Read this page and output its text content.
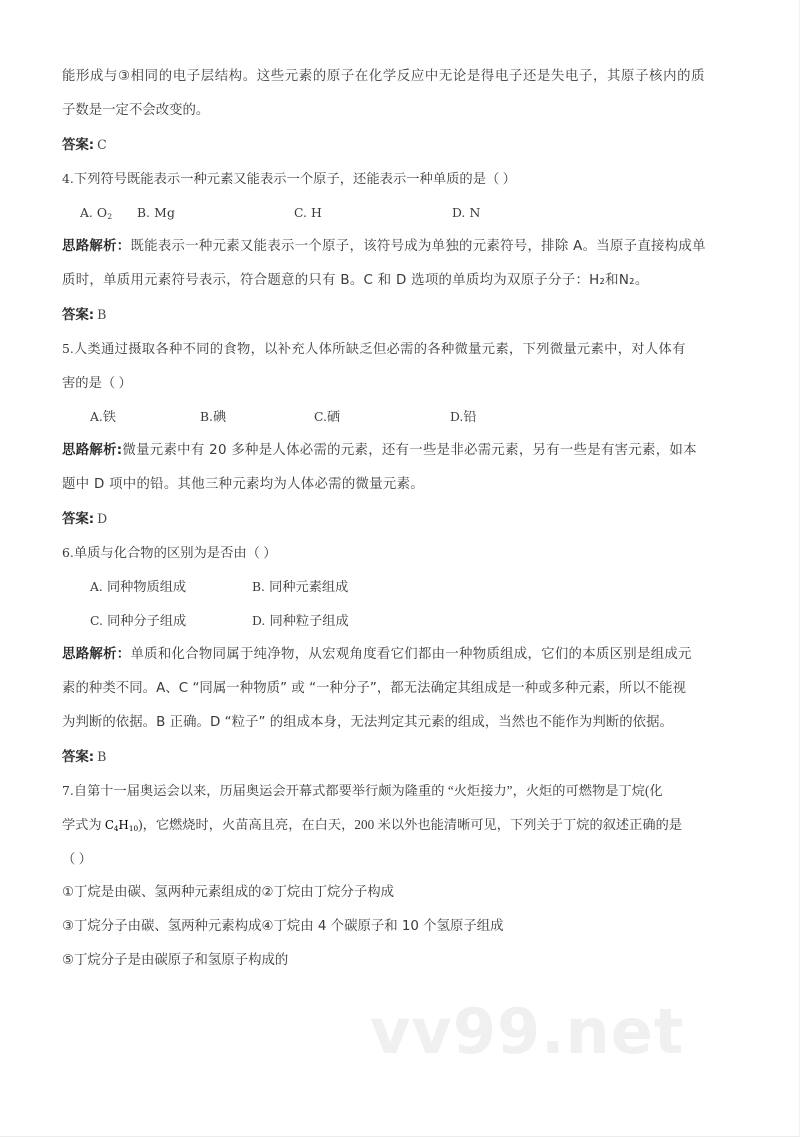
vv99.net
能形成与③相同的电子层结构。这些元素的原子在化学反应中无论是得电子还是失电子，其原子核内的质
子数是一定不会改变的。
答案: C
4.下列符号既能表示一种元素又能表示一个原子，还能表示一种单质的是（ ）
A. $O_2$ B. Mg	C. H	D. N
思路解析：既能表示一种元素又能表示一个原子，该符号成为单独的元素符号，排除 A。当原子直接构成单
质时，单质用元素符号表示，符合题意的只有 B。C 和 D 选项的单质均为双原子分子：H₂和N₂。
答案: B
5.人类通过摄取各种不同的食物，以补充人体所缺乏但必需的各种微量元素，下列微量元素中，对人体有
害的是（ ）
A.铁	B.碘	C.硒	D.铅
思路解析:微量元素中有 20 多种是人体必需的元素，还有一些是非必需元素，另有一些是有害元素，如本
题中 D 项中的铅。其他三种元素均为人体必需的微量元素。
答案: D
6.单质与化合物的区别为是否由（ ）
A. 同种物质组成	B. 同种元素组成
C. 同种分子组成	D. 同种粒子组成
思路解析：单质和化合物同属于纯净物，从宏观角度看它们都由一种物质组成，它们的本质区别是组成元
素的种类不同。A、C “同属一种物质” 或 “一种分子”，都无法确定其组成是一种或多种元素，所以不能视
为判断的依据。B 正确。D “粒子” 的组成本身，无法判定其元素的组成，当然也不能作为判断的依据。
答案: B
7.自第十一届奥运会以来，历届奥运会开幕式都要举行颇为隆重的 “火炬接力”，火炬的可燃物是丁烷(化
学式为 $C_4H_{10}$)，它燃烧时，火苗高且亮，在白天，200 米以外也能清晰可见，下列关于丁烷的叙述正确的是
（ ）
①丁烷是由碳、氢两种元素组成的②丁烷由丁烷分子构成
③丁烷分子由碳、氢两种元素构成④丁烷由 4 个碳原子和 10 个氢原子组成
⑤丁烷分子是由碳原子和氢原子构成的
